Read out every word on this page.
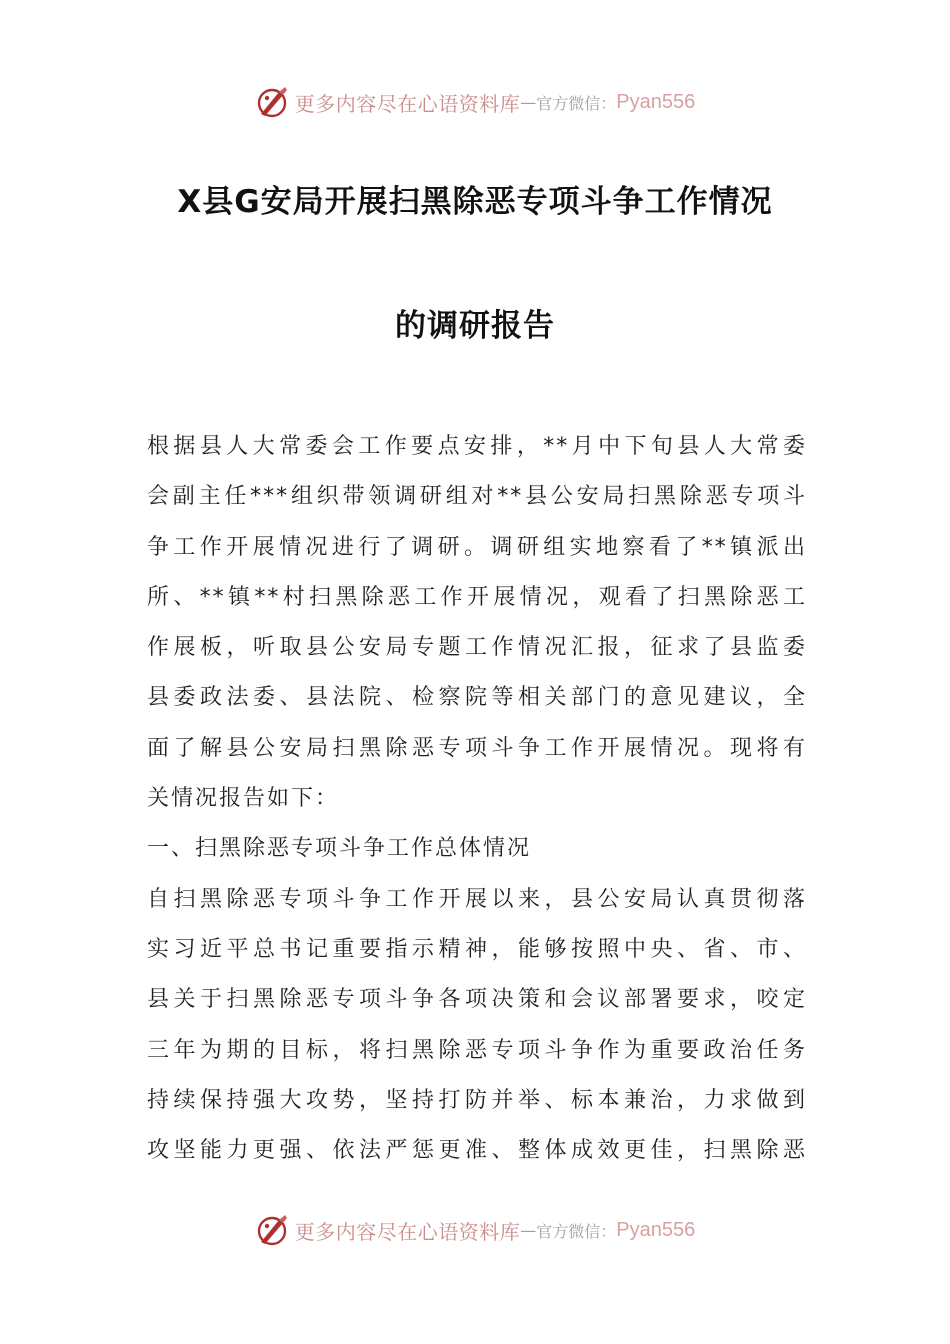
更多内容尽在心语资料库 — 官方微信： Pyan556
X县G安局开展扫黑除恶专项斗争工作情况
的调研报告
根据县人大常委会工作要点安排，**月中下旬县人大常委
会副主任***组织带领调研组对**县公安局扫黑除恶专项斗
争工作开展情况进行了调研。调研组实地察看了**镇派出
所、**镇**村扫黑除恶工作开展情况，观看了扫黑除恶工
作展板，听取县公安局专题工作情况汇报，征求了县监委
县委政法委、县法院、检察院等相关部门的意见建议，全
面了解县公安局扫黑除恶专项斗争工作开展情况。现将有
关情况报告如下：
一、扫黑除恶专项斗争工作总体情况
自扫黑除恶专项斗争工作开展以来，县公安局认真贯彻落
实习近平总书记重要指示精神，能够按照中央、省、市、
县关于扫黑除恶专项斗争各项决策和会议部署要求，咬定
三年为期的目标，将扫黑除恶专项斗争作为重要政治任务
持续保持强大攻势，坚持打防并举、标本兼治，力求做到
攻坚能力更强、依法严惩更准、整体成效更佳，扫黑除恶
更多内容尽在心语资料库 — 官方微信： Pyan556
